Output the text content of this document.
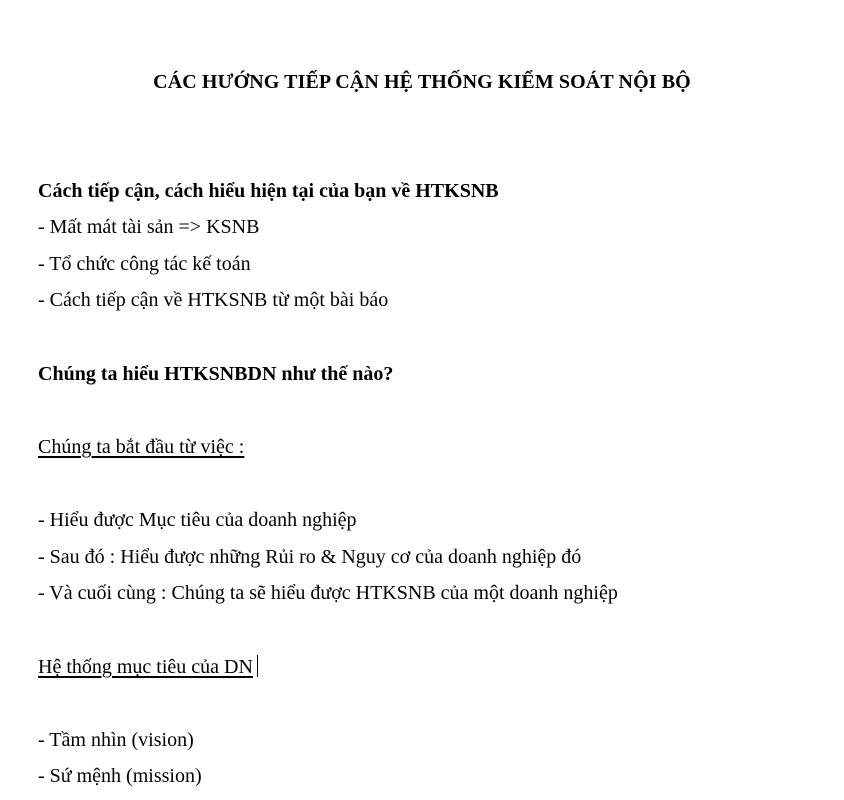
CÁC HƯỚNG TIẾP CẬN HỆ THỐNG KIỂM SOÁT NỘI BỘ
Cách tiếp cận, cách hiểu hiện tại của bạn về HTKSNB
- Mất mát tài sản => KSNB
- Tổ chức công tác kế toán
- Cách tiếp cận về HTKSNB từ một bài báo
Chúng ta hiểu HTKSNBDN như thế nào?
Chúng ta bắt đầu từ việc :
- Hiểu được Mục tiêu của doanh nghiệp
- Sau đó : Hiểu được những Rủi ro & Nguy cơ của doanh nghiệp đó
- Và cuối cùng : Chúng ta sẽ hiểu được HTKSNB của một doanh nghiệp
Hệ thống mục tiêu của DN
- Tầm nhìn (vision)
- Sứ mệnh (mission)
